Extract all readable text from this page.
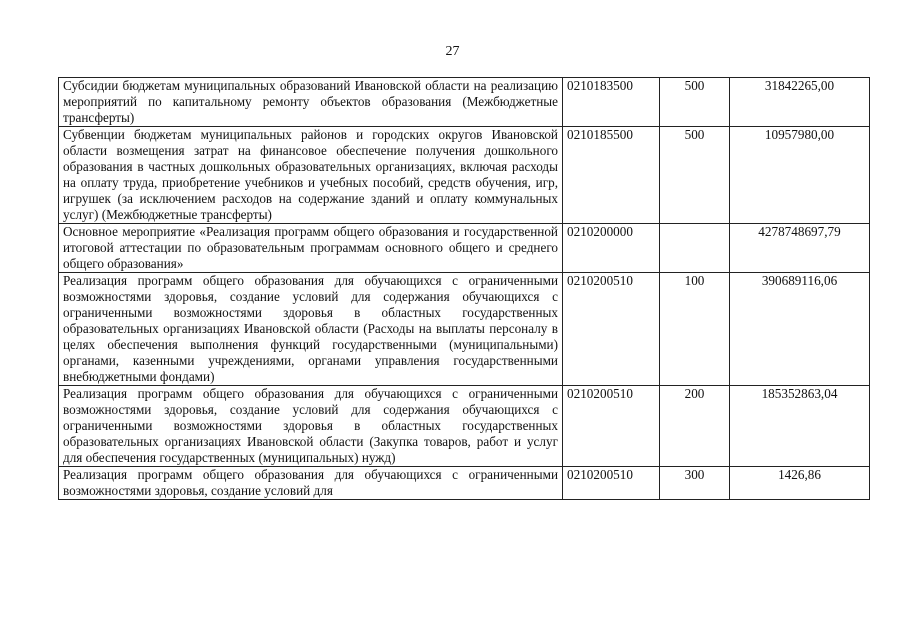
27
Субсидии бюджетам муниципальных образований Ивановской области на реализацию мероприятий по капитальному ремонту объектов образования (Межбюджетные трансферты)	0210183500	500	31842265,00
Субвенции бюджетам муниципальных районов и городских округов Ивановской области возмещения затрат на финансовое обеспечение получения дошкольного образования в частных дошкольных образовательных организациях, включая расходы на оплату труда, приобретение учебников и учебных пособий, средств обучения, игр, игрушек (за исключением расходов на содержание зданий и оплату коммунальных услуг) (Межбюджетные трансферты)	0210185500	500	10957980,00
Основное мероприятие «Реализация программ общего образования и государственной итоговой аттестации по образовательным программам основного общего и среднего общего образования»	0210200000		4278748697,79
Реализация программ общего образования для обучающихся с ограниченными возможностями здоровья, создание условий для содержания обучающихся с ограниченными возможностями здоровья в областных государственных образовательных организациях Ивановской области (Расходы на выплаты персоналу в целях обеспечения выполнения функций государственными (муниципальными) органами, казенными учреждениями, органами управления государственными внебюджетными фондами)	0210200510	100	390689116,06
Реализация программ общего образования для обучающихся с ограниченными возможностями здоровья, создание условий для содержания обучающихся с ограниченными возможностями здоровья в областных государственных образовательных организациях Ивановской области (Закупка товаров, работ и услуг для обеспечения государственных (муниципальных) нужд)	0210200510	200	185352863,04
Реализация программ общего образования для обучающихся с ограниченными возможностями здоровья, создание условий для	0210200510	300	1426,86
